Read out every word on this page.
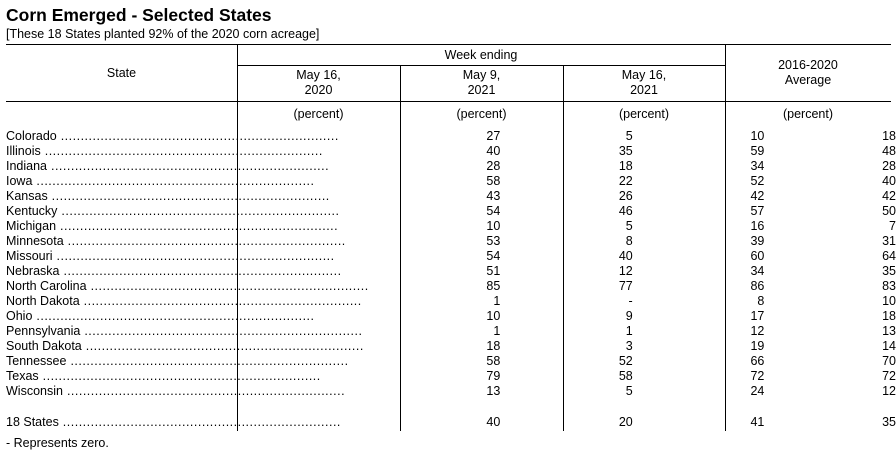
Corn Emerged - Selected States
[These 18 States planted 92% of the 2020 corn acreage]
State
Week ending
May 16,
2020
May 9,
2021
May 16,
2021
2016-2020
Average
(percent)	(percent)	(percent)	(percent)
Colorado ......................................................................	27	5	10	18
Illinois ......................................................................	40	35	59	48
Indiana ......................................................................	28	18	34	28
Iowa ......................................................................	58	22	52	40
Kansas ......................................................................	43	26	42	42
Kentucky ......................................................................	54	46	57	50
Michigan ......................................................................	10	5	16	7
Minnesota ......................................................................	53	8	39	31
Missouri ......................................................................	54	40	60	64
Nebraska ......................................................................	51	12	34	35
North Carolina ......................................................................	85	77	86	83
North Dakota ......................................................................	1	-	8	10
Ohio ......................................................................	10	9	17	18
Pennsylvania ......................................................................	1	1	12	13
South Dakota ......................................................................	18	3	19	14
Tennessee ......................................................................	58	52	66	70
Texas ......................................................................	79	58	72	72
Wisconsin ......................................................................	13	5	24	12

18 States ......................................................................	40	20	41	35
- Represents zero.
